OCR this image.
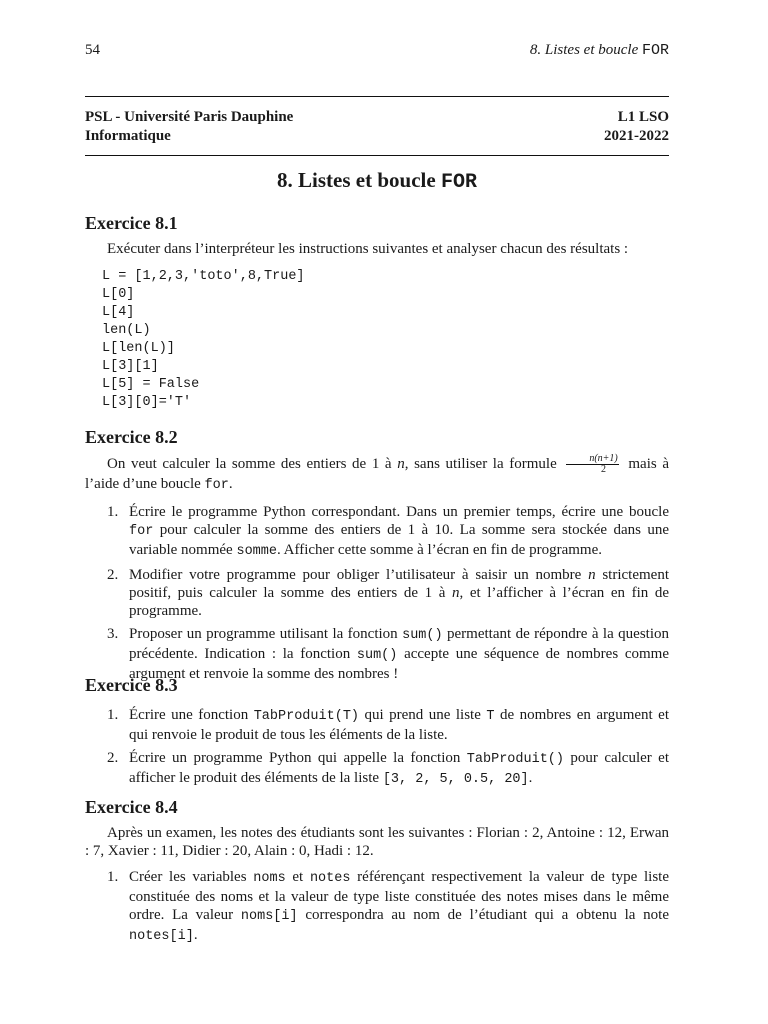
54	8. Listes et boucle FOR
PSL - Université Paris Dauphine
Informatique
L1 LSO
2021-2022
8. Listes et boucle FOR
Exercice 8.1

Exécuter dans l’interpréteur les instructions suivantes et analyser chacun des résultats :

L = [1,2,3,'toto',8,True]
L[0]
L[4]
len(L)
L[len(L)]
L[3][1]
L[5] = False
L[3][0]='T'
Exercice 8.2

On veut calculer la somme des entiers de 1 à n, sans utiliser la formule $\frac{n(n+1)}{2}$ mais à l’aide d’une boucle for.

1. Écrire le programme Python correspondant. Dans un premier temps, écrire une boucle for pour calculer la somme des entiers de 1 à 10. La somme sera stockée dans une variable nommée somme. Afficher cette somme à l’écran en fin de programme.
2. Modifier votre programme pour obliger l’utilisateur à saisir un nombre n strictement positif, puis calculer la somme des entiers de 1 à n, et l’afficher à l’écran en fin de programme.
3. Proposer un programme utilisant la fonction sum() permettant de répondre à la question précédente. Indication : la fonction sum() accepte une séquence de nombres comme argument et renvoie la somme des nombres !
Exercice 8.3
1. Écrire une fonction TabProduit(T) qui prend une liste T de nombres en argument et qui renvoie le produit de tous les éléments de la liste.
2. Écrire un programme Python qui appelle la fonction TabProduit() pour calculer et afficher le produit des éléments de la liste [3, 2, 5, 0.5, 20].
Exercice 8.4

Après un examen, les notes des étudiants sont les suivantes : Florian : 2, Antoine : 12, Erwan : 7, Xavier : 11, Didier : 20, Alain : 0, Hadi : 12.

1. Créer les variables noms et notes référençant respectivement la valeur de type liste constituée des noms et la valeur de type liste constituée des notes mises dans le même ordre. La valeur noms[i] correspondra au nom de l’étudiant qui a obtenu la note notes[i].
